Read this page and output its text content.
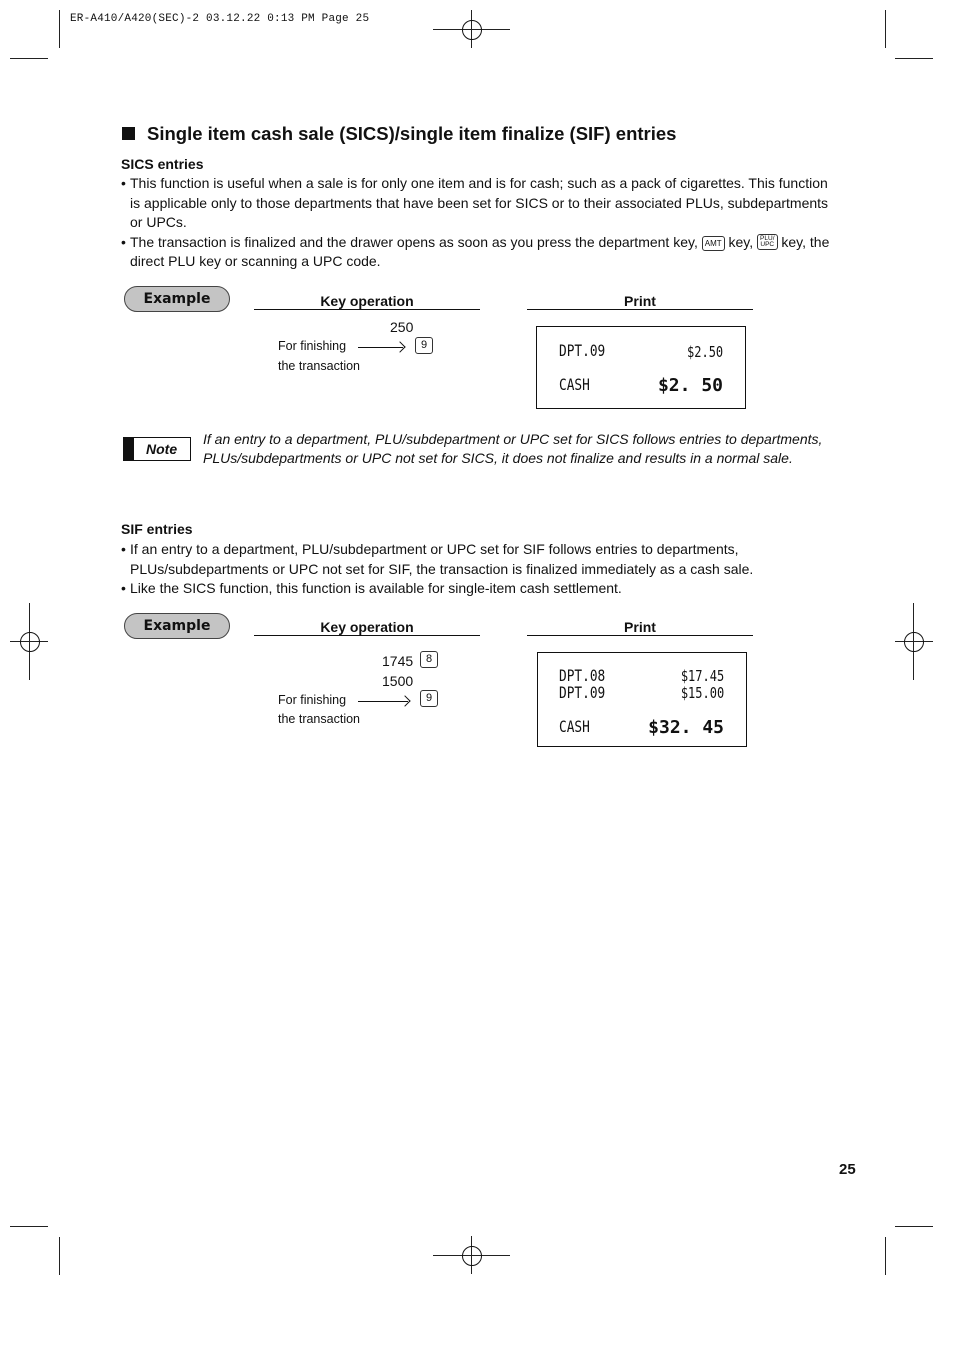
ER-A410/A420(SEC)-2 03.12.22 0:13 PM Page 25
Single item cash sale (SICS)/single item finalize (SIF) entries
SICS entries
• This function is useful when a sale is for only one item and is for cash; such as a pack of cigarettes. This function is applicable only to those departments that have been set for SICS or to their associated PLUs, subdepartments or UPCs.
• The transaction is finalized and the drawer opens as soon as you press the department key, AMT key, PLU/
UPC key, the direct PLU key or scanning a UPC code.
Example	Key operation	Print
250
For finishing	9
the transaction
DPT.09	$2.50
CASH	$2. 50
Note
If an entry to a department, PLU/subdepartment or UPC set for SICS follows entries to departments, PLUs/subdepartments or UPC not set for SICS, it does not finalize and results in a normal sale.
SIF entries
• If an entry to a department, PLU/subdepartment or UPC set for SIF follows entries to departments, PLUs/subdepartments or UPC not set for SIF, the transaction is finalized immediately as a cash sale.
• Like the SICS function, this function is available for single-item cash settlement.
Example	Key operation	Print
1745	8
1500
For finishing	9
the transaction
DPT.08	$17.45
DPT.09	$15.00
CASH	$32. 45
25
